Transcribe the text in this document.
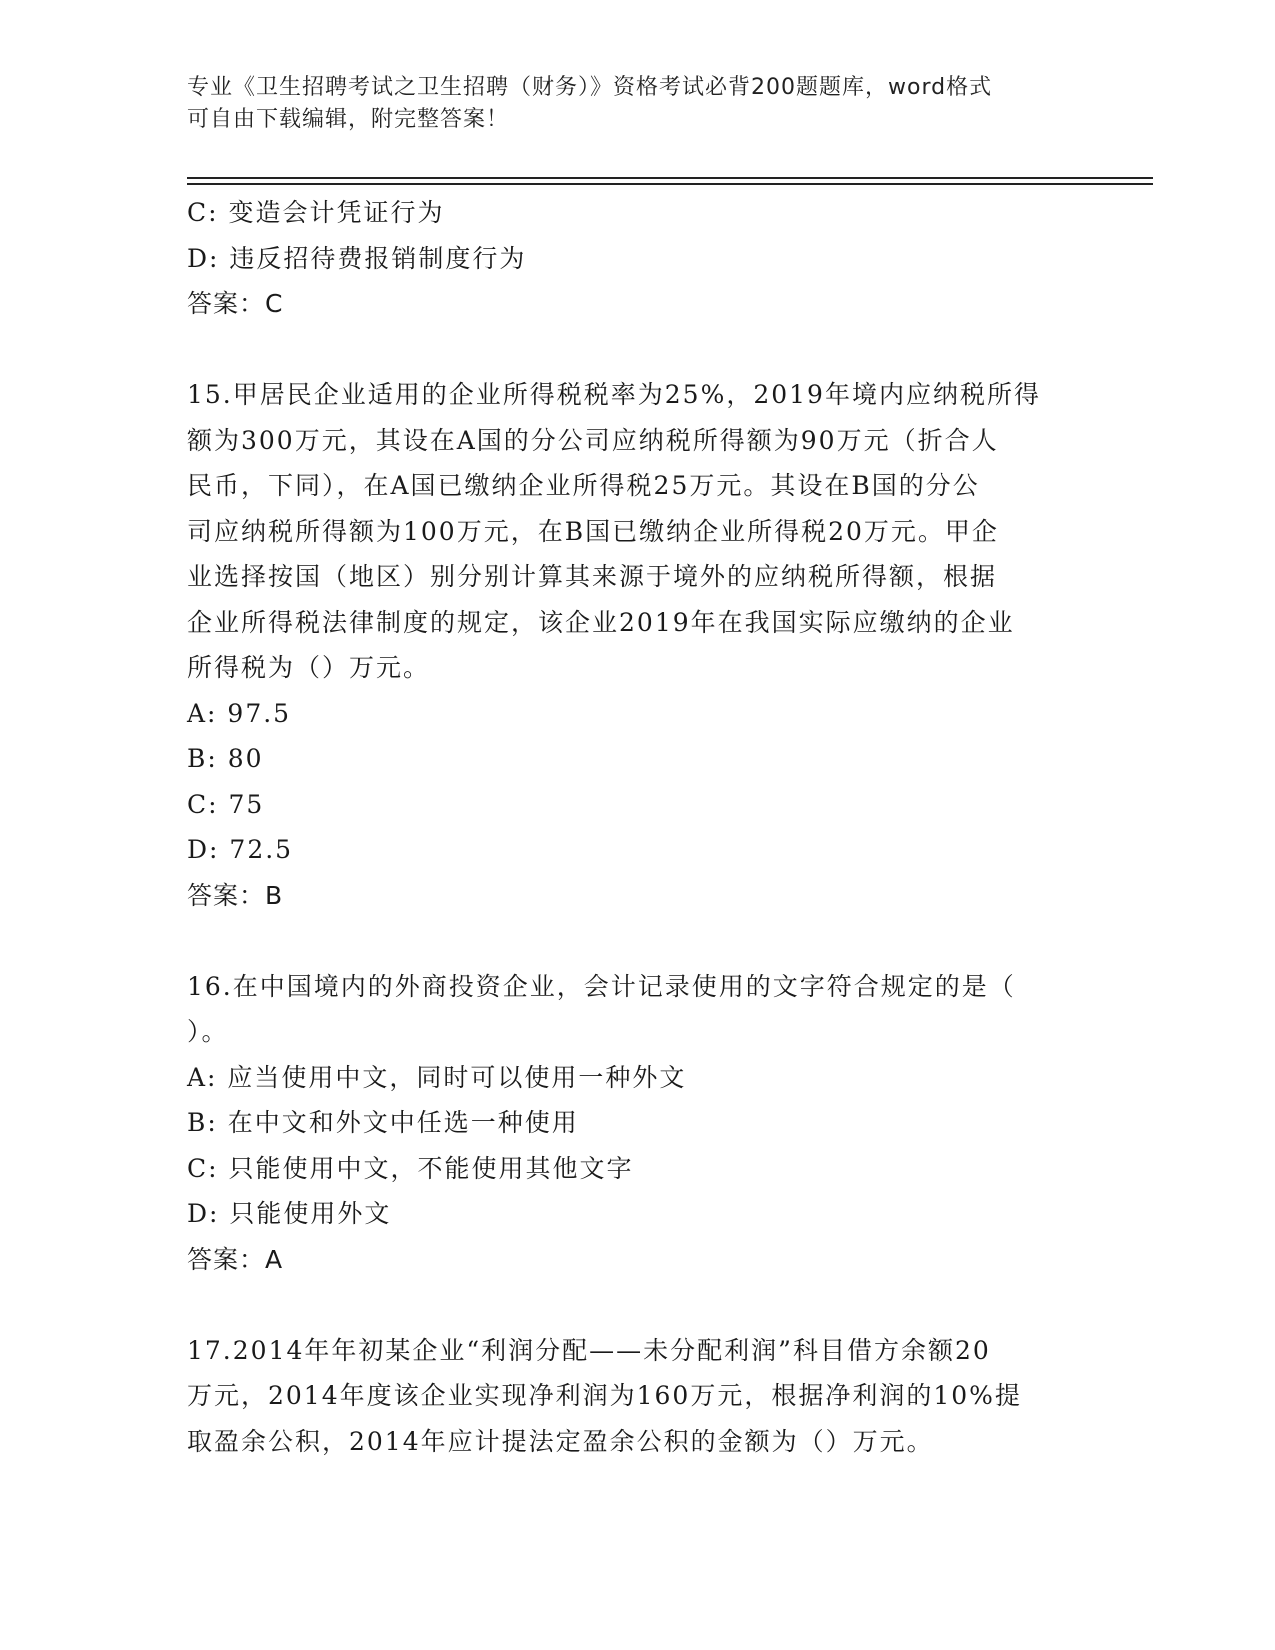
专业《卫生招聘考试之卫生招聘（财务）》资格考试必背200题题库，word格式
可自由下载编辑，附完整答案！
C: 变造会计凭证行为
D: 违反招待费报销制度行为
答案：C
15.甲居民企业适用的企业所得税税率为25%，2019年境内应纳税所得
额为300万元，其设在A国的分公司应纳税所得额为90万元（折合人
民币，下同），在A国已缴纳企业所得税25万元。其设在B国的分公
司应纳税所得额为100万元，在B国已缴纳企业所得税20万元。甲企
业选择按国（地区）别分别计算其来源于境外的应纳税所得额，根据
企业所得税法律制度的规定，该企业2019年在我国实际应缴纳的企业
所得税为（）万元。
A: 97.5
B: 80
C: 75
D: 72.5
答案：B
16.在中国境内的外商投资企业，会计记录使用的文字符合规定的是（
）。
A: 应当使用中文，同时可以使用一种外文
B: 在中文和外文中任选一种使用
C: 只能使用中文，不能使用其他文字
D: 只能使用外文
答案：A
17.2014年年初某企业“利润分配——未分配利润”科目借方余额20
万元，2014年度该企业实现净利润为160万元，根据净利润的10%提
取盈余公积，2014年应计提法定盈余公积的金额为（）万元。
